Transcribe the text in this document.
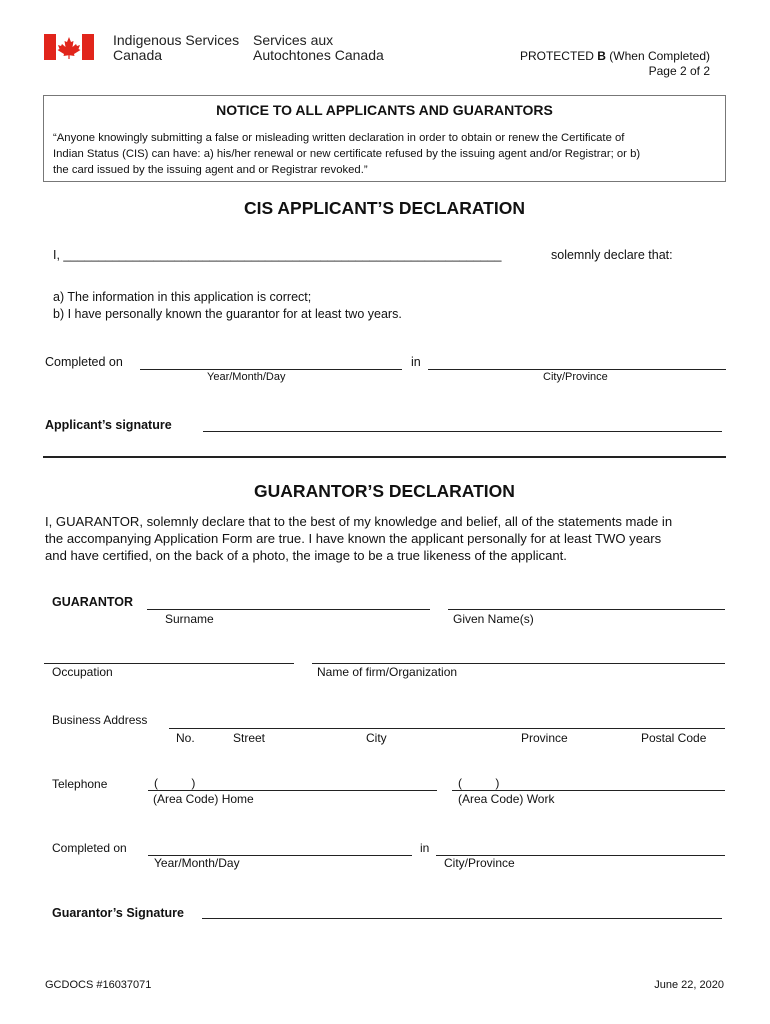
Indigenous Services
Canada
Services aux
Autochtones Canada	PROTECTED B (When Completed)
Page 2 of 2
NOTICE TO ALL APPLICANTS AND GUARANTORS
“Anyone knowingly submitting a false or misleading written declaration in order to obtain or renew the Certificate of
Indian Status (CIS) can have: a) his/her renewal or new certificate refused by the issuing agent and/or Registrar; or b)
the card issued by the issuing agent and or Registrar revoked.”
CIS APPLICANT’S DECLARATION
I, _______________________________________________________________	solemnly declare that:
a) The information in this application is correct;
b) I have personally known the guarantor for at least two years.
Completed on	in
Year/Month/Day	City/Province
Applicant’s signature
GUARANTOR’S DECLARATION
I, GUARANTOR, solemnly declare that to the best of my knowledge and belief, all of the statements made in
the accompanying Application Form are true. I have known the applicant personally for at least TWO years
and have certified, on the back of a photo, the image to be a true likeness of the applicant.
GUARANTOR
Surname	Given Name(s)
Occupation	Name of firm/Organization
Business Address
No.	Street	City	Province	Postal Code
Telephone	(          )	(          )
(Area Code) Home	(Area Code) Work
Completed on	in
Year/Month/Day	City/Province
Guarantor’s Signature
GCDOCS #16037071	June 22, 2020
